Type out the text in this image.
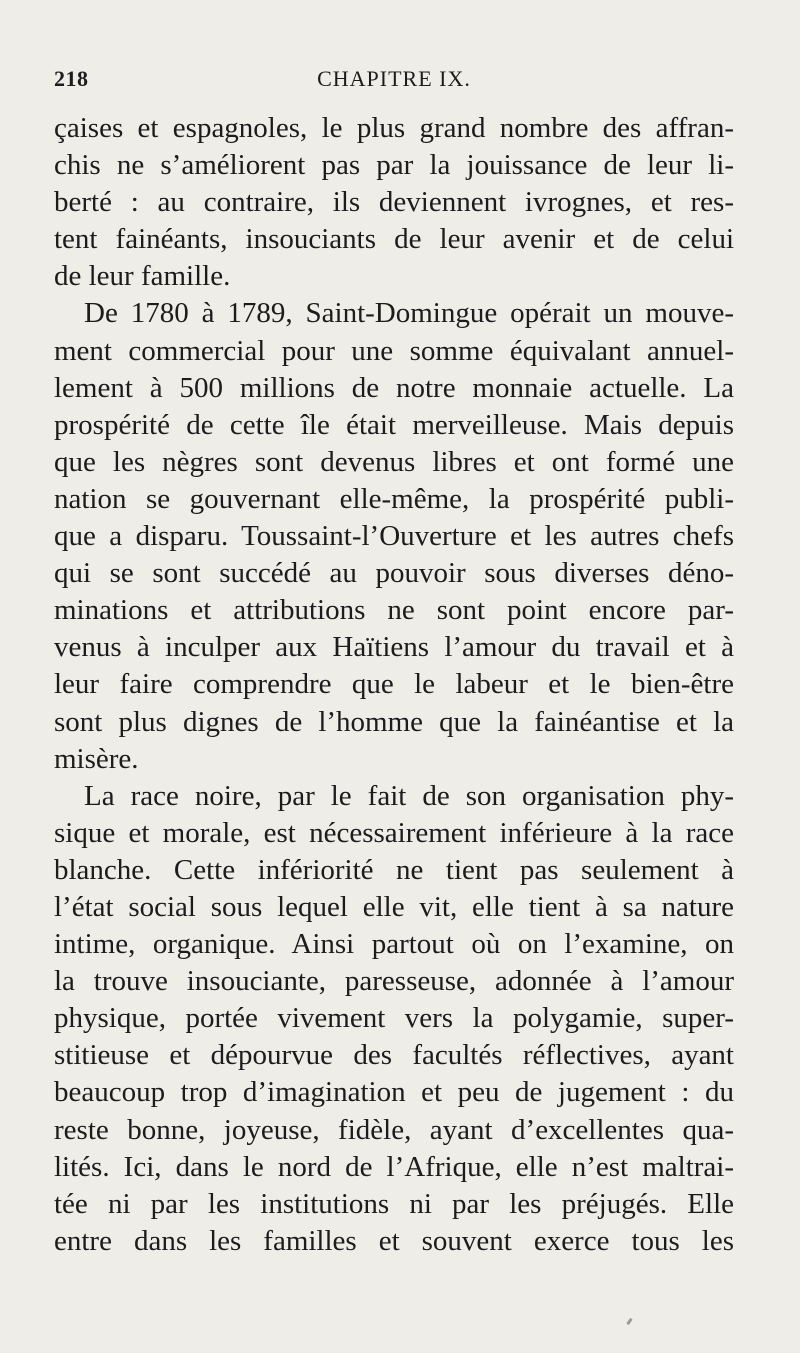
218	CHAPITRE IX.
çaises et espagnoles, le plus grand nombre des affran-
chis ne s’améliorent pas par la jouissance de leur li-
berté : au contraire, ils deviennent ivrognes, et res-
tent fainéants, insouciants de leur avenir et de celui
de leur famille.
De 1780 à 1789, Saint-Domingue opérait un mouve-
ment commercial pour une somme équivalant annuel-
lement à 500 millions de notre monnaie actuelle. La
prospérité de cette île était merveilleuse. Mais depuis
que les nègres sont devenus libres et ont formé une
nation se gouvernant elle-même, la prospérité publi-
que a disparu. Toussaint-l’Ouverture et les autres chefs
qui se sont succédé au pouvoir sous diverses déno-
minations et attributions ne sont point encore par-
venus à inculper aux Haïtiens l’amour du travail et à
leur faire comprendre que le labeur et le bien-être
sont plus dignes de l’homme que la fainéantise et la
misère.
La race noire, par le fait de son organisation phy-
sique et morale, est nécessairement inférieure à la race
blanche. Cette infériorité ne tient pas seulement à
l’état social sous lequel elle vit, elle tient à sa nature
intime, organique. Ainsi partout où on l’examine, on
la trouve insouciante, paresseuse, adonnée à l’amour
physique, portée vivement vers la polygamie, super-
stitieuse et dépourvue des facultés réflectives, ayant
beaucoup trop d’imagination et peu de jugement : du
reste bonne, joyeuse, fidèle, ayant d’excellentes qua-
lités. Ici, dans le nord de l’Afrique, elle n’est maltrai-
tée ni par les institutions ni par les préjugés. Elle
entre dans les familles et souvent exerce tous les
